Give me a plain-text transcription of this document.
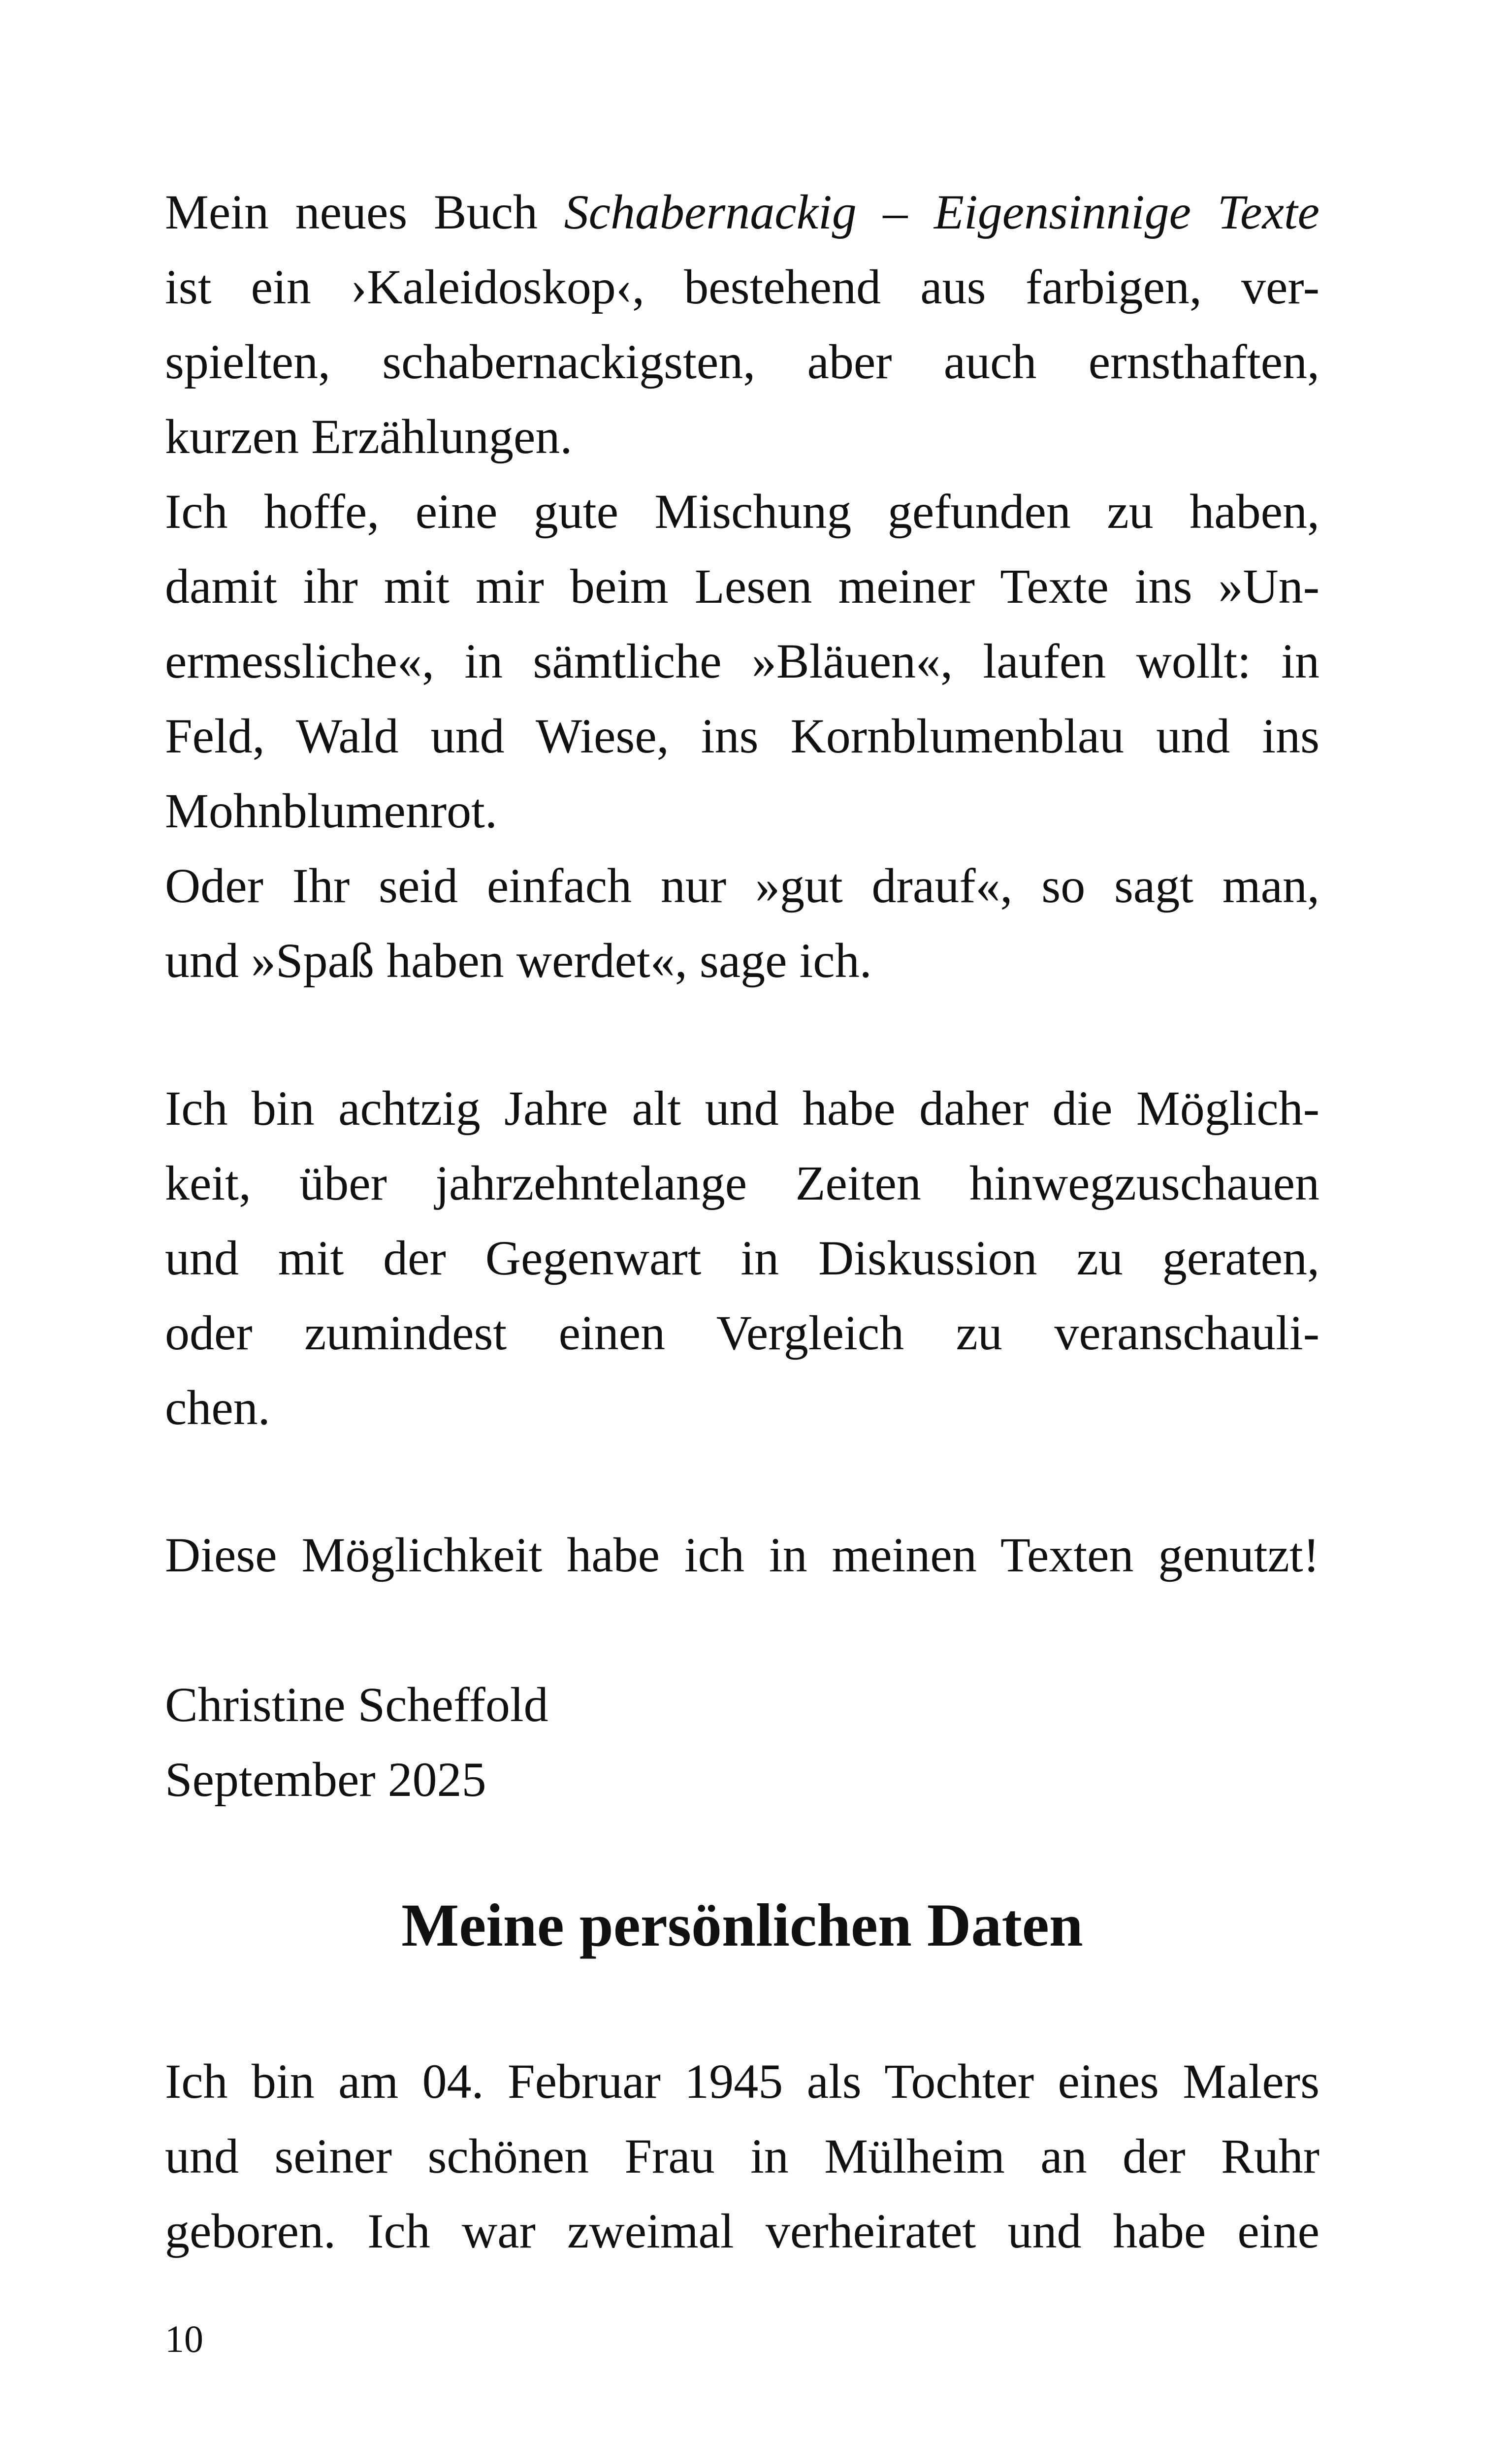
Mein neues Buch Schabernackig – Eigensinnige Texte
ist ein ›Kaleidoskop‹, bestehend aus farbigen, ver-
spielten, schabernackigsten, aber auch ernsthaften,
kurzen Erzählungen.
Ich hoffe, eine gute Mischung gefunden zu haben,
damit ihr mit mir beim Lesen meiner Texte ins »Un-
ermessliche«, in sämtliche »Bläuen«, laufen wollt: in
Feld, Wald und Wiese, ins Kornblumenblau und ins
Mohnblumenrot.
Oder Ihr seid einfach nur »gut drauf«, so sagt man,
und »Spaß haben werdet«, sage ich.
Ich bin achtzig Jahre alt und habe daher die Möglich-
keit, über jahrzehntelange Zeiten hinwegzuschauen
und mit der Gegenwart in Diskussion zu geraten,
oder zumindest einen Vergleich zu veranschauli-
chen.
Diese Möglichkeit habe ich in meinen Texten genutzt!
Christine Scheffold
September 2025
Meine persönlichen Daten
Ich bin am 04. Februar 1945 als Tochter eines Malers
und seiner schönen Frau in Mülheim an der Ruhr
geboren. Ich war zweimal verheiratet und habe eine
10
